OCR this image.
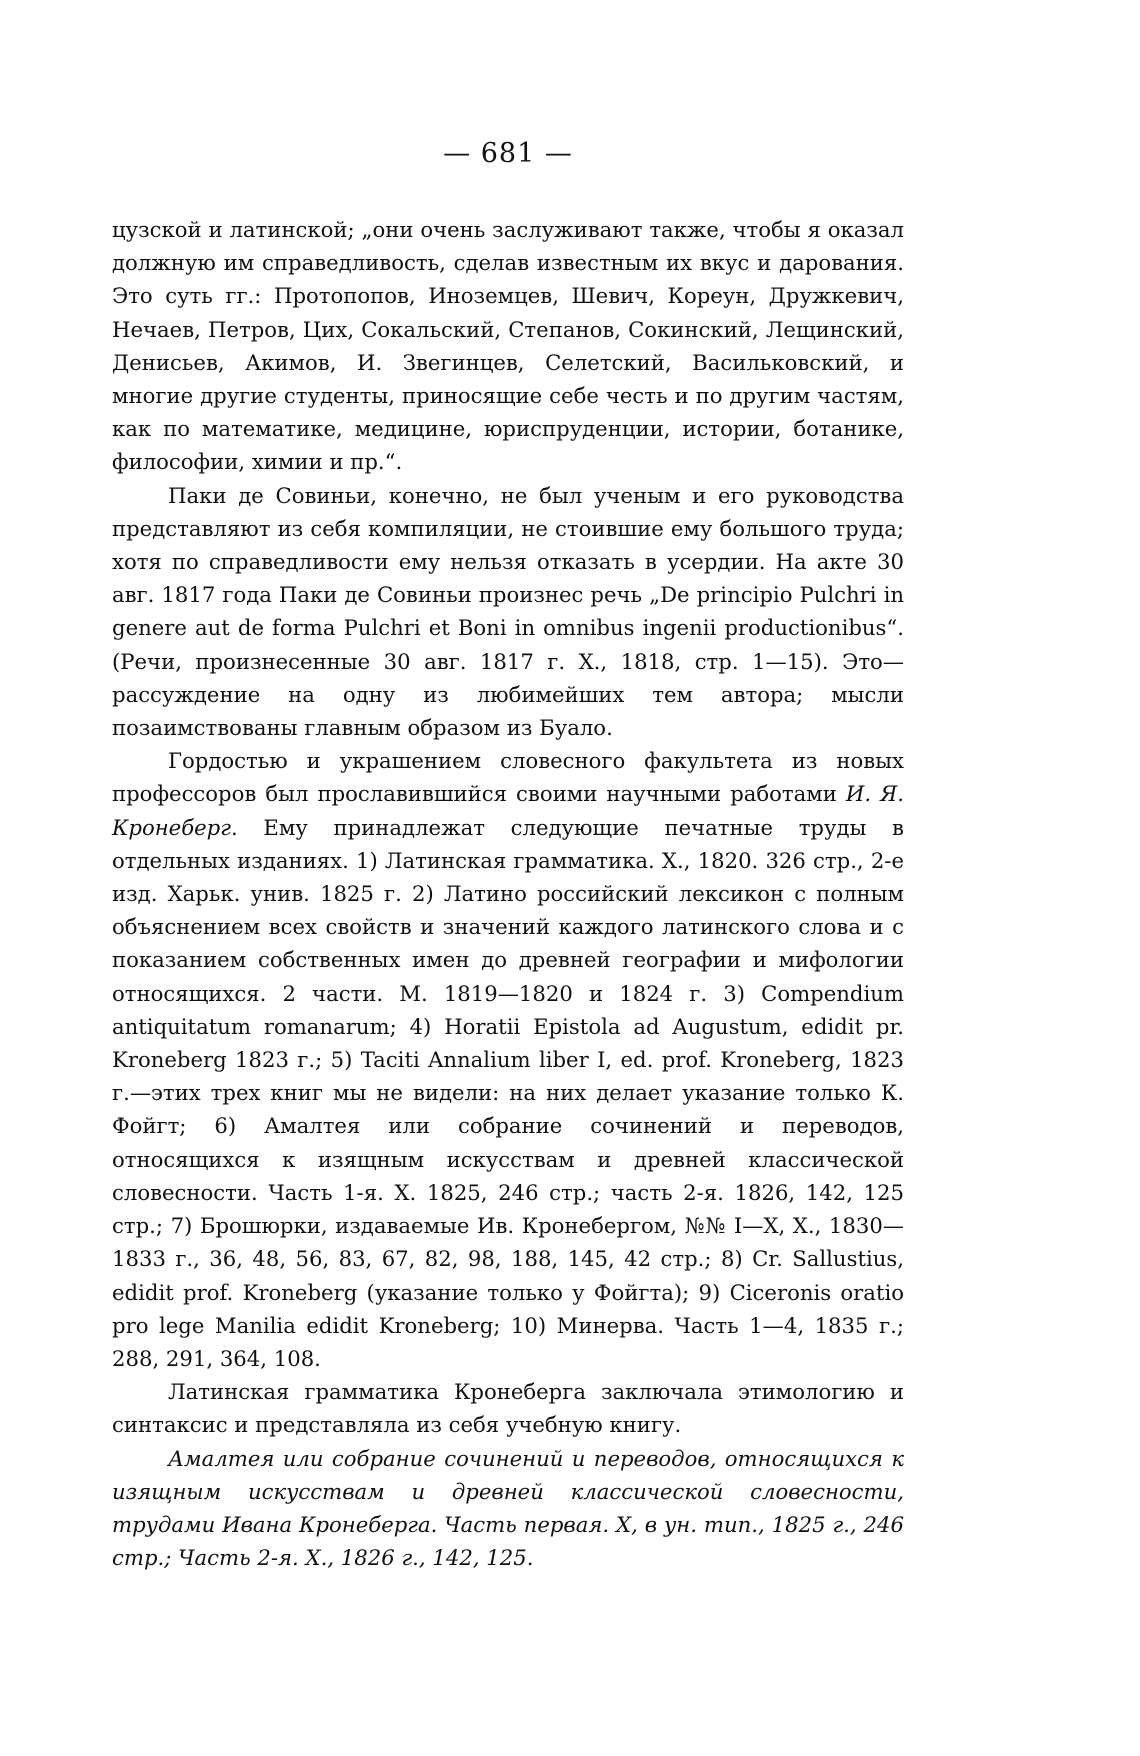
— 681 —

цузской и латинской; „они очень заслуживают также, чтобы я оказал должную им справедливость, сделав известным их вкус и дарования. Это суть гг.: Протопопов, Иноземцев, Шевич, Кореун, Дружкевич, Нечаев, Петров, Цих, Сокальский, Степанов, Сокинский, Лещинский, Денисьев, Акимов, И. Звегинцев, Селетский, Васильковский, и многие другие студенты, приносящие себе честь и по другим частям, как по математике, медицине, юриспруденции, истории, ботанике, философии, химии и пр.“.

Паки де Совиньи, конечно, не был ученым и его руководства представляют из себя компиляции, не стоившие ему большого труда; хотя по справедливости ему нельзя отказать в усердии. На акте 30 авг. 1817 года Паки де Совиньи произнес речь „De principio Pulchri in genere aut de forma Pulchri et Boni in omnibus ingenii productionibus“. (Речи, произнесенные 30 авг. 1817 г. Х., 1818, стр. 1—15). Это—рассуждение на одну из любимейших тем автора; мысли позаимствованы главным образом из Буало.

Гордостью и украшением словесного факультета из новых профессоров был прославившийся своими научными работами И. Я. Кронеберг. Ему принадлежат следующие печатные труды в отдельных изданиях. 1) Латинская грамматика. Х., 1820. 326 стр., 2-е изд. Харьк. унив. 1825 г. 2) Латино российский лексикон с полным объяснением всех свойств и значений каждого латинского слова и с показанием собственных имен до древней географии и мифологии относящихся. 2 части. М. 1819—1820 и 1824 г. 3) Compendium antiquitatum romanarum; 4) Horatii Epistola ad Augustum, edidit pr. Kroneberg 1823 г.; 5) Taciti Annalium liber I, ed. prof. Kroneberg, 1823 г.—этих трех книг мы не видели: на них делает указание только К. Фойгт; 6) Амалтея или собрание сочинений и переводов, относящихся к изящным искусствам и древней классической словесности. Часть 1-я. Х. 1825, 246 стр.; часть 2-я. 1826, 142, 125 стр.; 7) Брошюрки, издаваемые Ив. Кронебергом, №№ I—X, Х., 1830—1833 г., 36, 48, 56, 83, 67, 82, 98, 188, 145, 42 стр.; 8) Cr. Sallustius, edidit prof. Kroneberg (указание только у Фойгта); 9) Ciceronis oratio pro lege Manilia edidit Kroneberg; 10) Минерва. Часть 1—4, 1835 г.; 288, 291, 364, 108.

Латинская грамматика Кронеберга заключала этимологию и синтаксис и представляла из себя учебную книгу.

Амалтея или собрание сочинений и переводов, относящихся к изящным искусствам и древней классической словесности, трудами Ивана Кронеберга. Часть первая. Х, в ун. тип., 1825 г., 246 стр.; Часть 2-я. Х., 1826 г., 142, 125.
